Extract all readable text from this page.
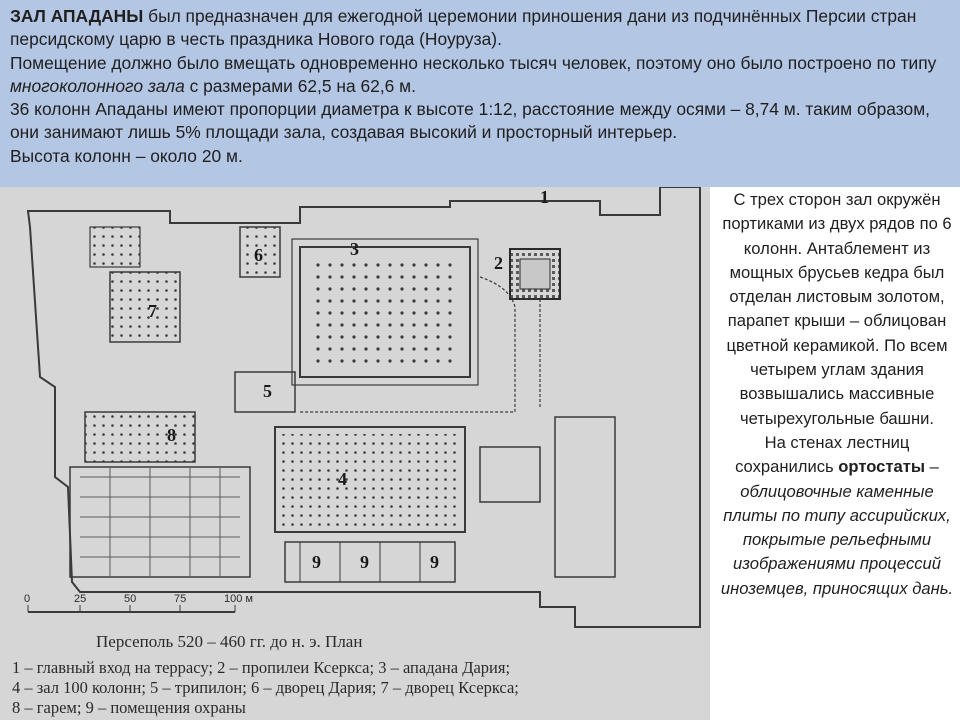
ЗАЛ АПАДАНЫ был предназначен для ежегодной церемонии приношения дани из подчинённых Персии стран персидскому царю в честь праздника Нового года (Ноуруза).

Помещение должно было вмещать одновременно несколько тысяч человек, поэтому оно было построено по типу многоколонного зала с размерами 62,5 на 62,6 м.

36 колонн Ападаны имеют пропорции диаметра к высоте 1:12, расстояние между осями – 8,74 м. таким образом, они занимают лишь 5% площади зала, создавая высокий и просторный интерьер.

Высота колонн – около 20 м.

0	25	50	75	100 м
1
2
3
4
5
6
7
8
9 9	9
Персеполь 520 – 460 гг. до н. э. План
1 – главный вход на террасу; 2 – пропилеи Ксеркса; 3 – ападана Дария;
4 – зал 100 колонн; 5 – трипилон; 6 – дворец Дария; 7 – дворец Ксеркса;
8 – гарем; 9 – помещения охраны

С трех сторон зал окружён портиками из двух рядов по 6 колонн. Антаблемент из мощных брусьев кедра был отделан листовым золотом, парапет крыши – облицован цветной керамикой. По всем четырем углам здания возвышались массивные четырехугольные башни.

На стенах лестниц сохранились ортостаты – облицовочные каменные плиты по типу ассирийских, покрытые рельефными изображениями процессий иноземцев, приносящих дань.
